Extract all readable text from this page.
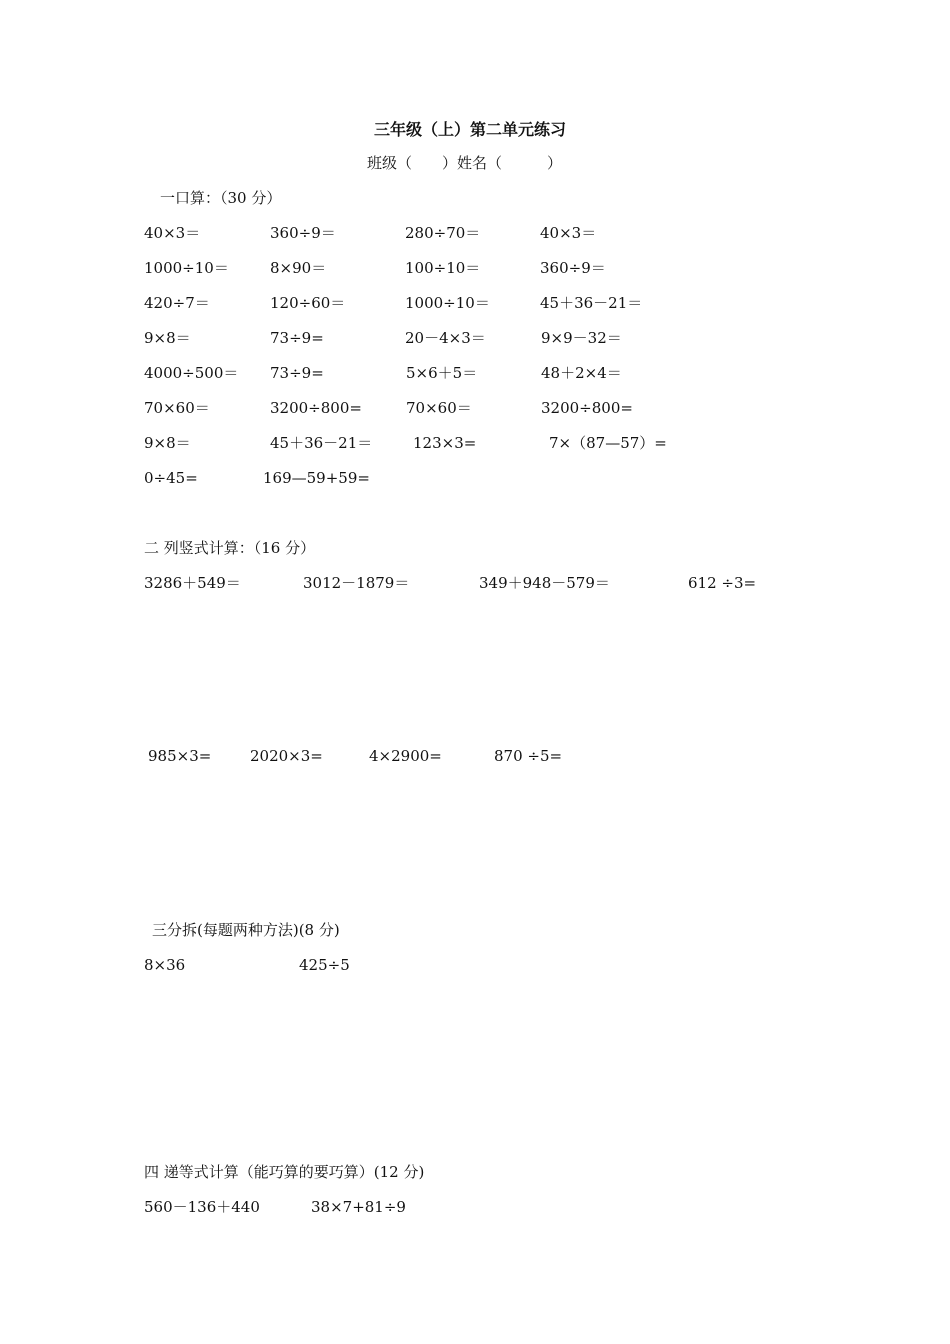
三年级（上）第二单元练习
班级（　　）姓名（　　　）
一口算：（30 分）
40×3＝	360÷9＝	280÷70＝	40×3＝
1000÷10＝	8×90＝	100÷10＝	360÷9＝
420÷7＝	120÷60＝	1000÷10＝	45＋36－21＝
9×8＝	73÷9=	20－4×3＝	9×9－32＝
4000÷500＝ 73÷9=	5×6＋5＝	48＋2×4＝
70×60＝	3200÷800=	70×60＝	3200÷800=
9×8＝	45＋36－21＝	123×3=	7×（87—57）=
0÷45=	169—59+59=
二 列竖式计算：（16 分）
3286＋549＝	3012－1879＝	349＋948－579＝	612 ÷3=
985×3=	2020×3=	4×2900=	870 ÷5=
三分拆(每题两种方法)(8 分)
8×36	425÷5
四 递等式计算（能巧算的要巧算）(12 分)
560－136＋440	38×7+81÷9
